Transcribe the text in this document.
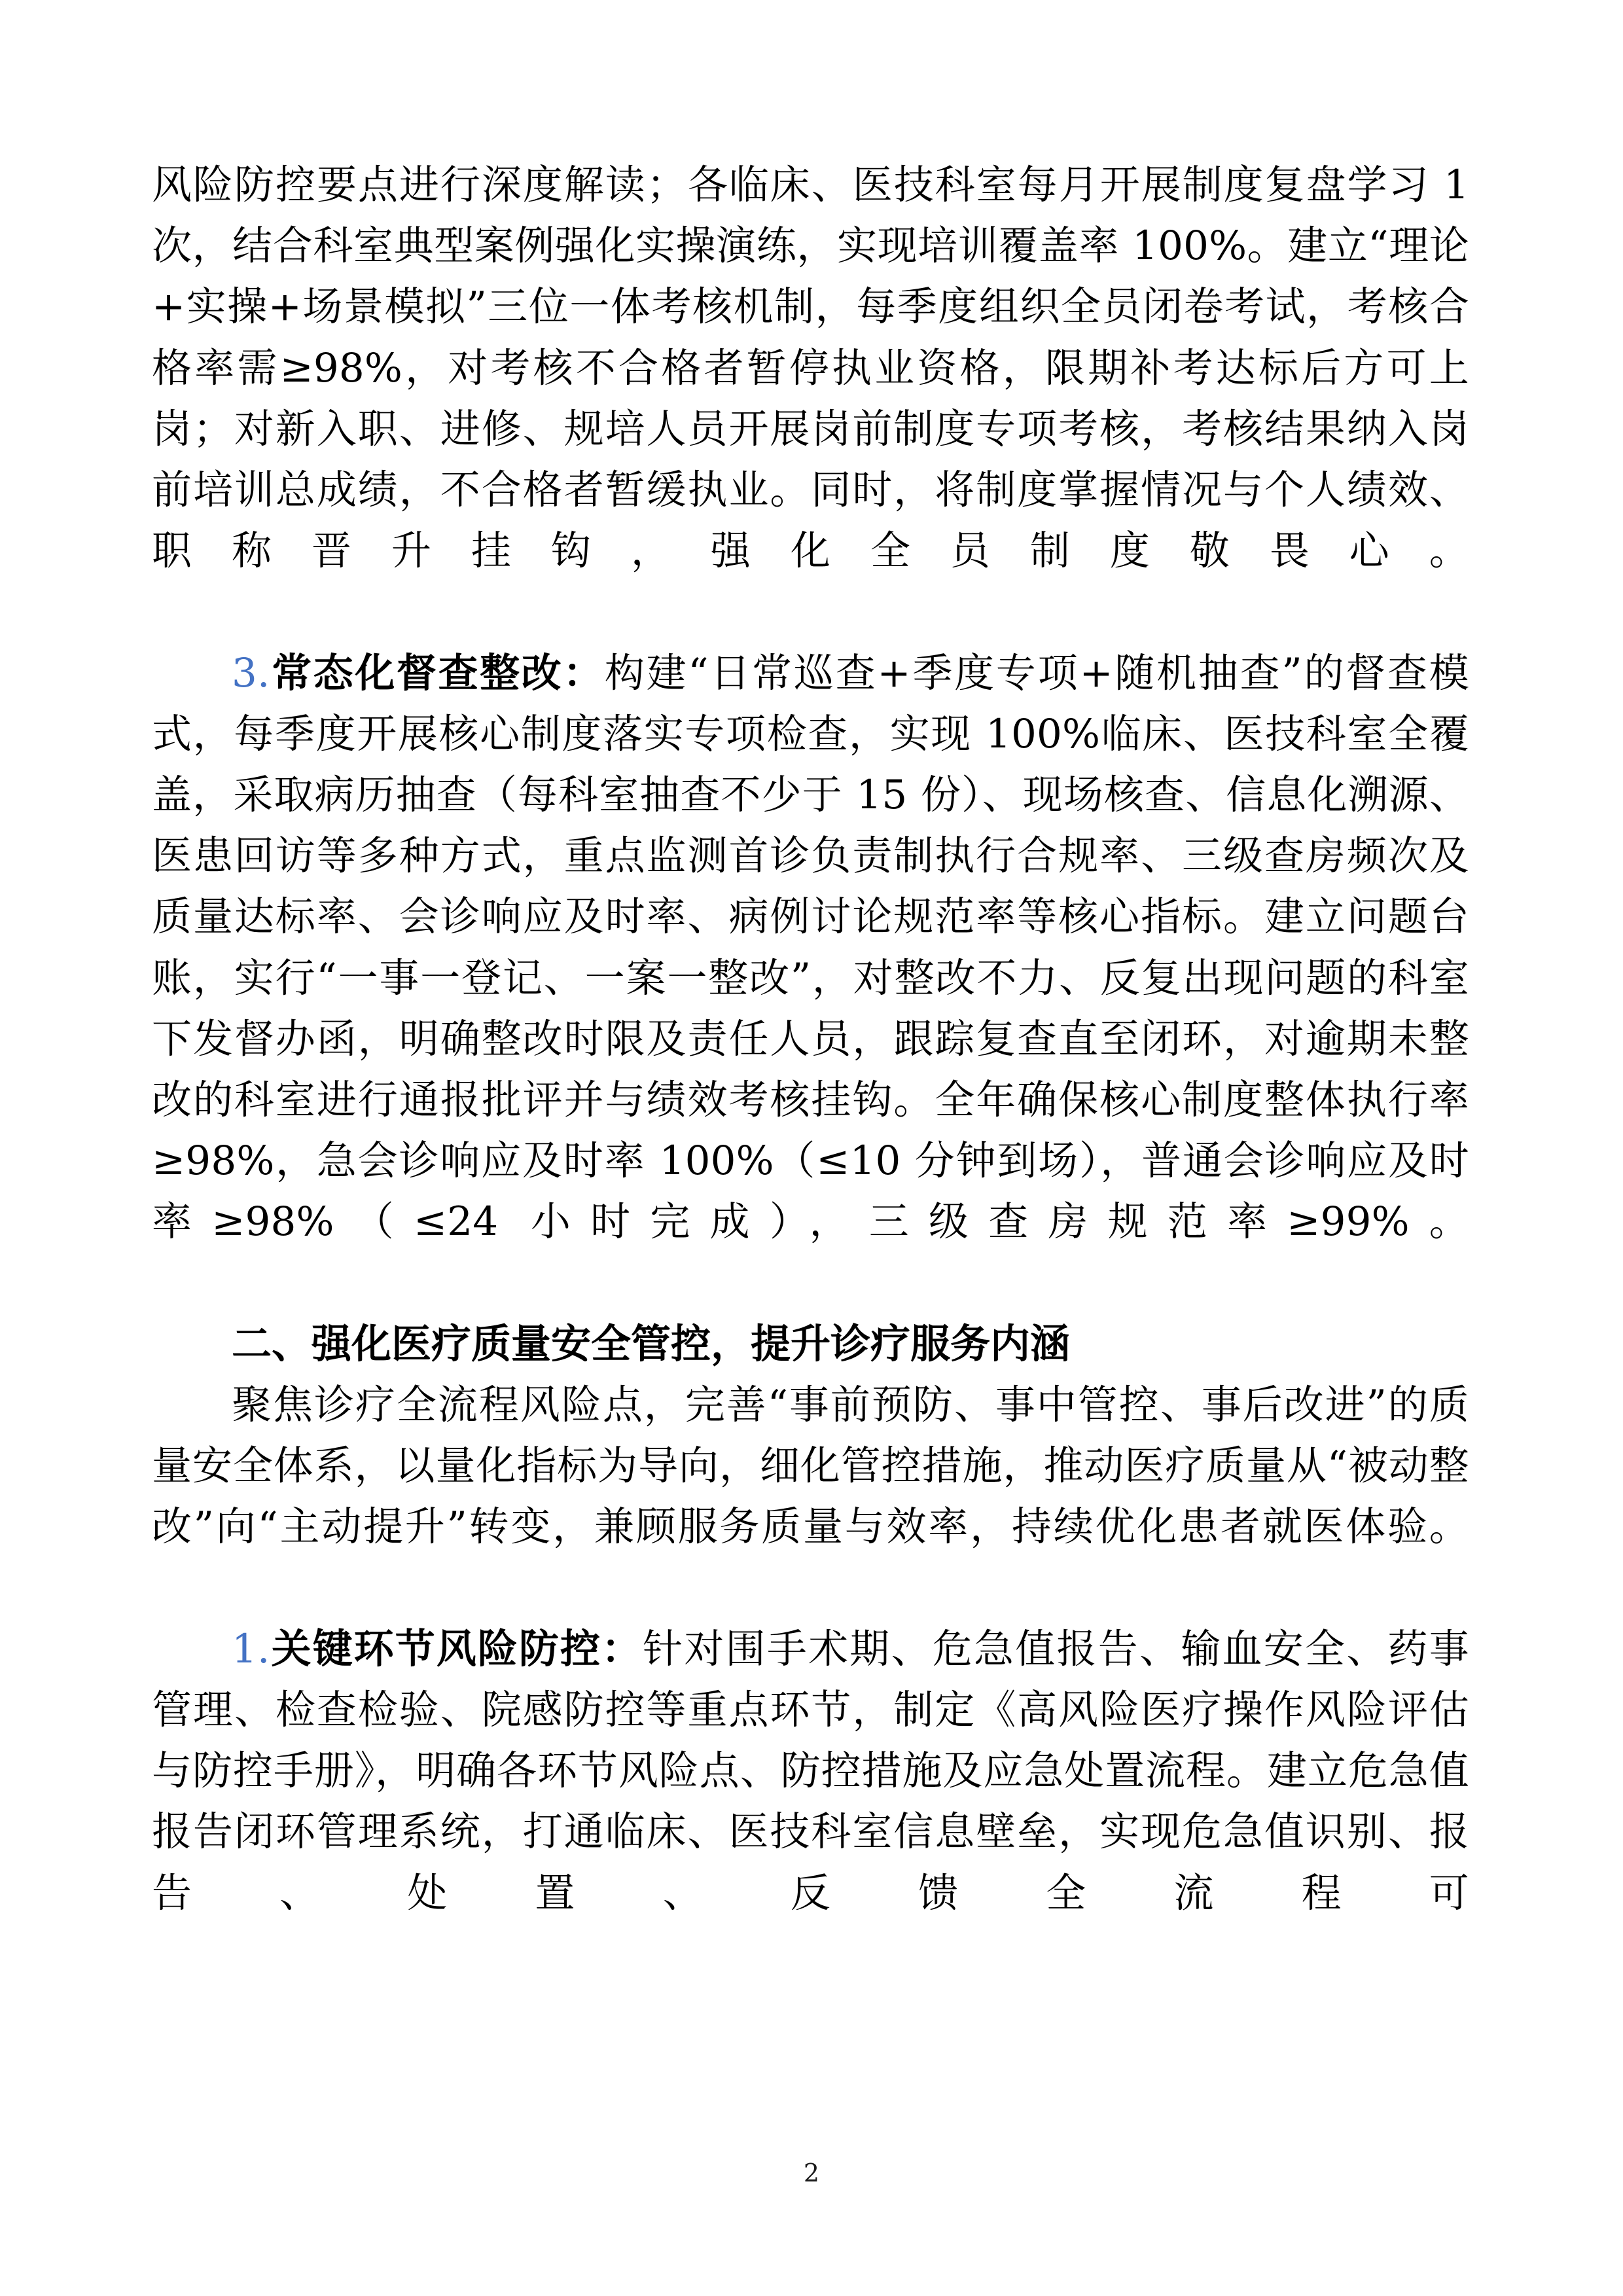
风险防控要点进行深度解读；各临床、医技科室每月开展制度复盘学习 1 次，结合科室典型案例强化实操演练，实现培训覆盖率 100%。建立“理论+实操+场景模拟”三位一体考核机制，每季度组织全员闭卷考试，考核合格率需≥98%，对考核不合格者暂停执业资格，限期补考达标后方可上岗；对新入职、进修、规培人员开展岗前制度专项考核，考核结果纳入岗前培训总成绩，不合格者暂缓执业。同时，将制度掌握情况与个人绩效、职称晋升挂钩，强化全员制度敬畏心。

3.常态化督查整改：构建“日常巡查+季度专项+随机抽查”的督查模式，每季度开展核心制度落实专项检查，实现 100%临床、医技科室全覆盖，采取病历抽查（每科室抽查不少于 15 份）、现场核查、信息化溯源、医患回访等多种方式，重点监测首诊负责制执行合规率、三级查房频次及质量达标率、会诊响应及时率、病例讨论规范率等核心指标。建立问题台账，实行“一事一登记、一案一整改”，对整改不力、反复出现问题的科室下发督办函，明确整改时限及责任人员，跟踪复查直至闭环，对逾期未整改的科室进行通报批评并与绩效考核挂钩。全年确保核心制度整体执行率≥98%，急会诊响应及时率 100%（≤10 分钟到场），普通会诊响应及时率≥98%（≤24 小时完成），三级查房规范率≥99%。

二、强化医疗质量安全管控，提升诊疗服务内涵

聚焦诊疗全流程风险点，完善“事前预防、事中管控、事后改进”的质量安全体系，以量化指标为导向，细化管控措施，推动医疗质量从“被动整改”向“主动提升”转变，兼顾服务质量与效率，持续优化患者就医体验。

1.关键环节风险防控：针对围手术期、危急值报告、输血安全、药事管理、检查检验、院感防控等重点环节，制定《高风险医疗操作风险评估与防控手册》，明确各环节风险点、防控措施及应急处置流程。建立危急值报告闭环管理系统，打通临床、医技科室信息壁垒，实现危急值识别、报告、处置、反馈全流程可

2
